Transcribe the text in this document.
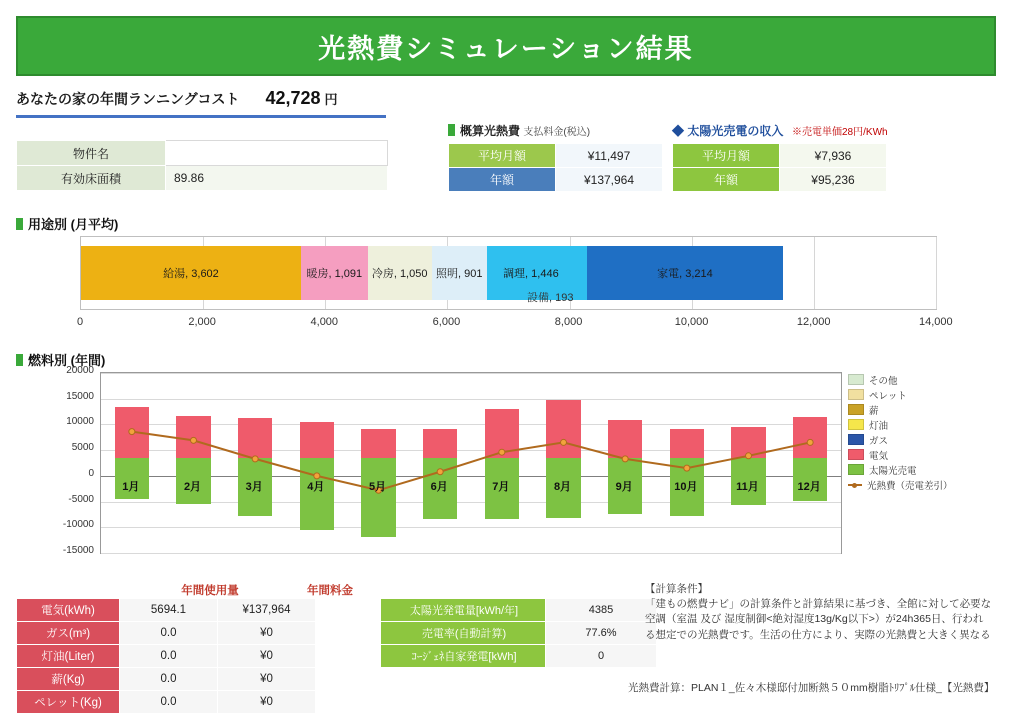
光熱費シミュレーション結果
あなたの家の年間ランニングコスト 42,728 円
物件名	
有効床面積	89.86
概算光熱費 支払料金(税込)
平均月額	¥11,497
年額	¥137,964
◆ 太陽光売電の収入 ※売電単価28円/KWh
平均月額	¥7,936
年額	¥95,236
用途別 (月平均)
給湯, 3,602	暖房, 1,091 冷房, 1,050 照明, 901	調理, 1,446	家電, 3,214
0	2,000	4,000	6,000	8,000	10,000	12,000	14,000
燃料別 (年間)
20000
15000
10000
5000
0
-5000
-10000
-15000
その他
ペレット
薪
灯油
ガス
電気
太陽光売電
光熱費（売電差引）
年間使用量	年間料金
電気(kWh)	5694.1	¥137,964
ガス(m³)	0.0	¥0
灯油(Liter)	0.0	¥0
薪(Kg)	0.0	¥0
ペレット(Kg)	0.0	¥0
太陽光発電量[kWh/年]	4385
売電率(自動計算)	77.6%
ｺｰｼﾞｪﾈ自家発電[kWh]	0
【計算条件】
「建もの燃費ナビ」の計算条件と計算結果に基づき、全館に対して必要な
空調（室温 及び 湿度制御<絶対湿度13g/Kg以下>）が24h365日、行われ
る想定での光熱費です。生活の仕方により、実際の光熱費と大きく異なる
光熱費計算：PLAN１_佐々木様邸付加断熱５０mm樹脂ﾄﾘﾌﾟﾙ仕様_【光熱費】
設備, 193
1月	2月	3月	4月	5月	6月	7月	8月	9月	10月	11月	12月
